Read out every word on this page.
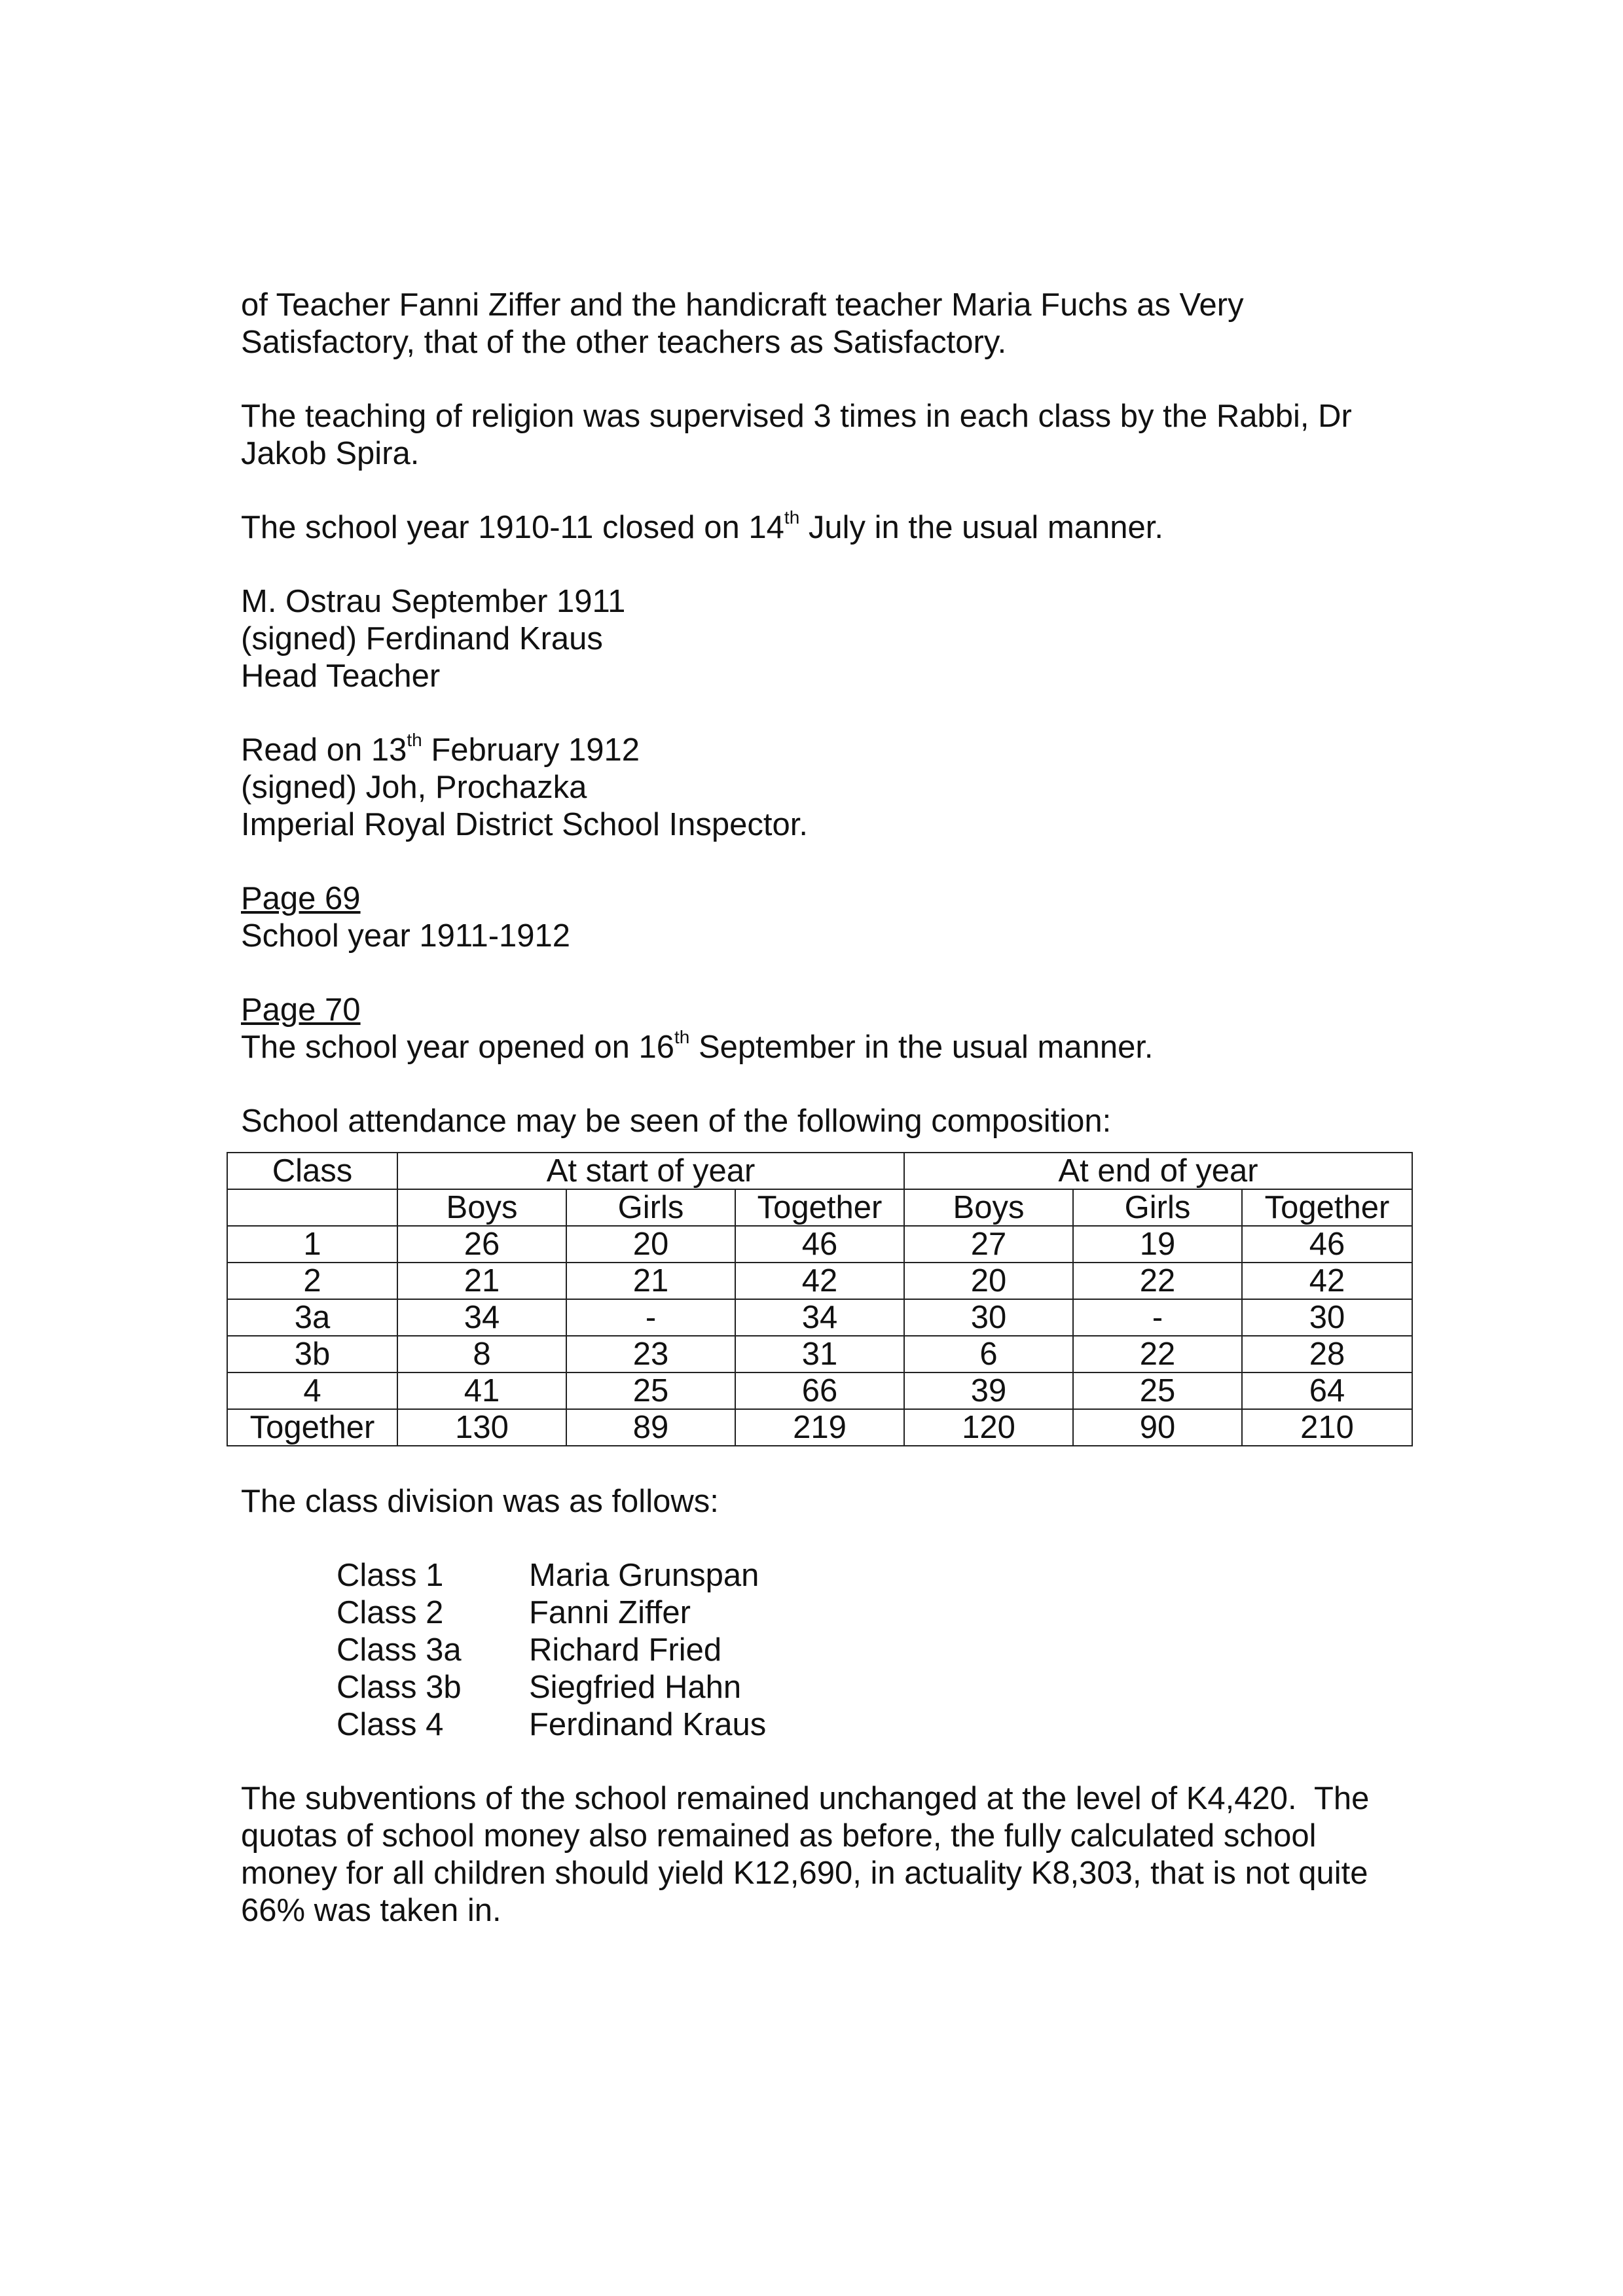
of Teacher Fanni Ziffer and the handicraft teacher Maria Fuchs as Very
Satisfactory, that of the other teachers as Satisfactory.

The teaching of religion was supervised 3 times in each class by the Rabbi, Dr
Jakob Spira.

The school year 1910-11 closed on 14th July in the usual manner.

M. Ostrau September 1911
(signed) Ferdinand Kraus
Head Teacher

Read on 13th February 1912
(signed) Joh, Prochazka
Imperial Royal District School Inspector.

Page 69
School year 1911-1912

Page 70
The school year opened on 16th September in the usual manner.

School attendance may be seen of the following composition:

Class	At start of year			At end of year		
	Boys	Girls	Together	Boys	Girls	Together
1	26	20	46	27	19	46
2	21	21	42	20	22	42
3a	34	-	34	30	-	30
3b	8	23	31	6	22	28
4	41	25	66	39	25	64
Together	130	89	219	120	90	210

The class division was as follows:

Class 1	Maria Grunspan
Class 2	Fanni Ziffer
Class 3a	Richard Fried
Class 3b	Siegfried Hahn
Class 4	Ferdinand Kraus

The subventions of the school remained unchanged at the level of K4,420.  The
quotas of school money also remained as before, the fully calculated school
money for all children should yield K12,690, in actuality K8,303, that is not quite
66% was taken in.
